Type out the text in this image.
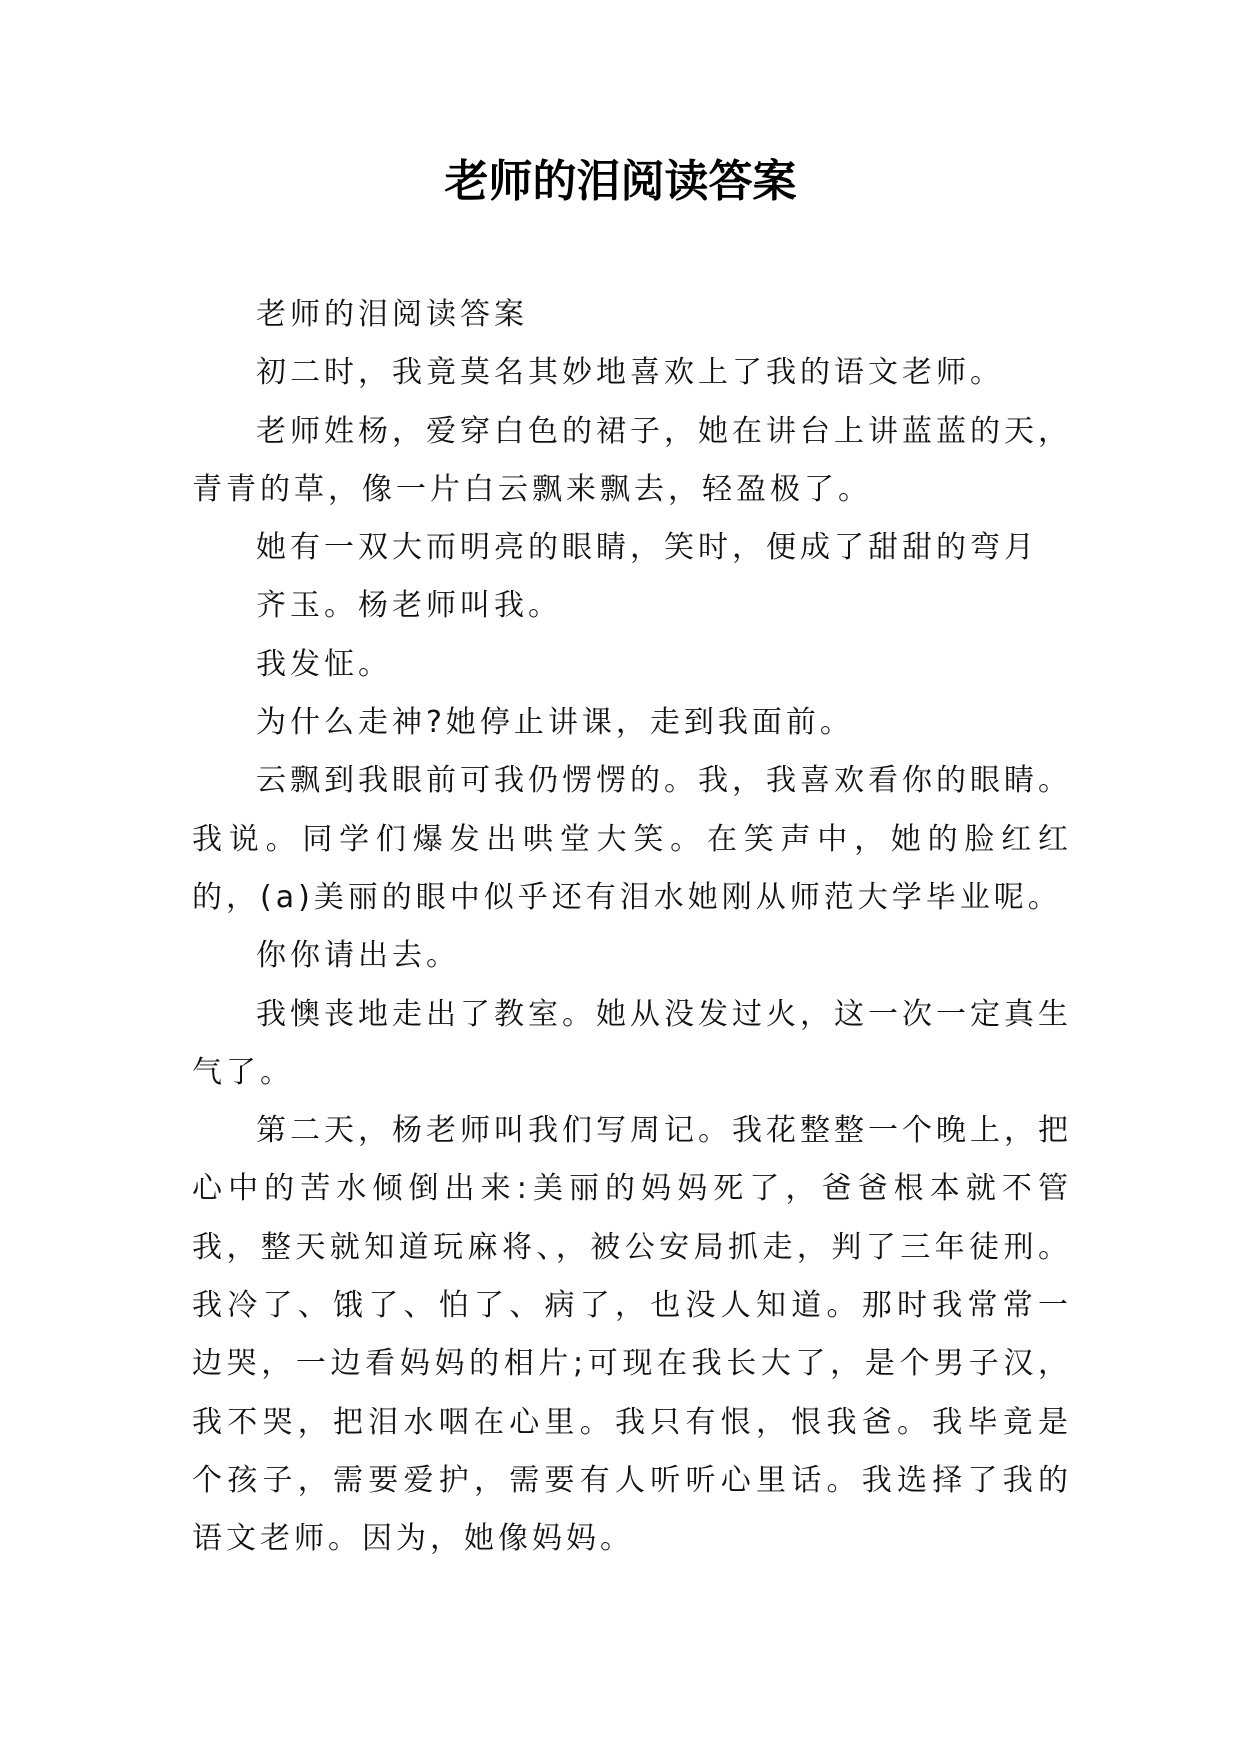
老师的泪阅读答案

老师的泪阅读答案

初二时，我竟莫名其妙地喜欢上了我的语文老师。

老师姓杨，爱穿白色的裙子，她在讲台上讲蓝蓝的天，青青的草，像一片白云飘来飘去，轻盈极了。

她有一双大而明亮的眼睛，笑时，便成了甜甜的弯月

齐玉。杨老师叫我。

我发怔。

为什么走神?她停止讲课，走到我面前。

云飘到我眼前可我仍愣愣的。我，我喜欢看你的眼睛。我说。同学们爆发出哄堂大笑。在笑声中，她的脸红红的，(a)美丽的眼中似乎还有泪水她刚从师范大学毕业呢。

你你请出去。

我懊丧地走出了教室。她从没发过火，这一次一定真生气了。

第二天，杨老师叫我们写周记。我花整整一个晚上，把心中的苦水倾倒出来:美丽的妈妈死了，爸爸根本就不管我，整天就知道玩麻将、，被公安局抓走，判了三年徒刑。我冷了、饿了、怕了、病了，也没人知道。那时我常常一边哭，一边看妈妈的相片;可现在我长大了，是个男子汉，我不哭，把泪水咽在心里。我只有恨，恨我爸。我毕竟是个孩子，需要爱护，需要有人听听心里话。我选择了我的语文老师。因为，她像妈妈。
